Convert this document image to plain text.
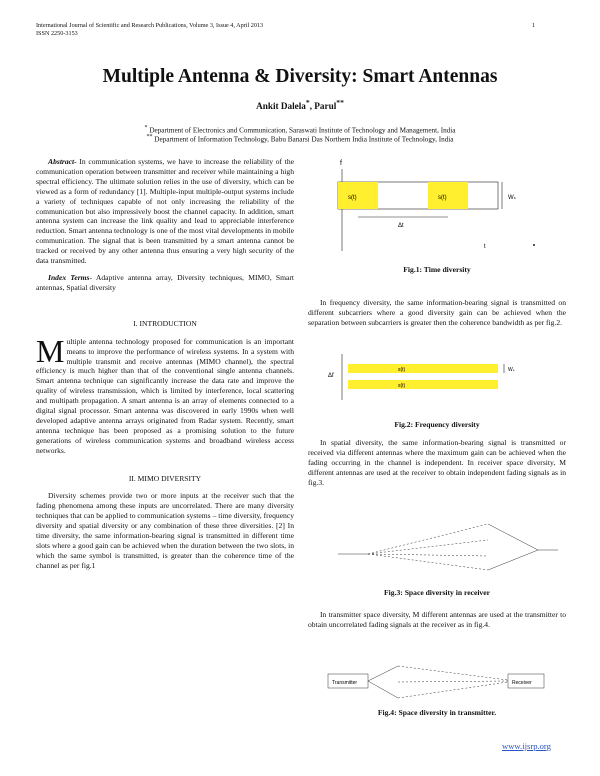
International Journal of Scientific and Research Publications, Volume 3, Issue 4, April 2013
ISSN 2250-3153
1
Multiple Antenna & Diversity: Smart Antennas
Ankit Dalela*, Parul**
* Department of Electronics and Communication, Saraswati Institute of Technology and Management, India
** Department of Information Technology, Babu Banarsi Das Northern India Institute of Technology, India

Abstract- In communication systems, we have to increase the reliability of the communication operation between transmitter and receiver while maintaining a high spectral efficiency. The ultimate solution relies in the use of diversity, which can be viewed as a form of redundancy [1]. Multiple-input multiple-output systems include a variety of techniques capable of not only increasing the reliability of the communication but also impressively boost the channel capacity. In addition, smart antenna system can increase the link quality and lead to appreciable interference reduction. Smart antenna technology is one of the most vital developments in mobile communication. The signal that is been transmitted by a smart antenna cannot be tracked or received by any other antenna thus ensuring a very high security of the data transmitted.

Index Terms- Adaptive antenna array, Diversity techniques, MIMO, Smart antennas, Spatial diversity

I. INTRODUCTION

Multiple antenna technology proposed for communication is an important means to improve the performance of wireless systems. In a system with multiple transmit and receive antennas (MIMO channel), the spectral efficiency is much higher than that of the conventional single antenna channels. Smart antenna technique can significantly increase the data rate and improve the quality of wireless transmission, which is limited by interference, local scattering and multipath propagation. A smart antenna is an array of elements connected to a digital signal processor. Smart antenna was discovered in early 1990s when well developed adaptive antenna arrays originated from Radar system. Recently, smart antenna technique has been proposed as a promising solution to the future generations of wireless communication systems and broadband wireless access networks.

II. MIMO DIVERSITY

Diversity schemes provide two or more inputs at the receiver such that the fading phenomena among these inputs are uncorrelated. There are many diversity techniques that can be applied to communication systems – time diversity, frequency diversity and spatial diversity or any combination of these three diversities. [2] In time diversity, the same information-bearing signal is transmitted in different time slots where a good gain can be achieved when the duration between the two slots, in which the same symbol is transmitted, is greater than the coherence time of the channel as per fig.1

f
s(t)	s(t)	Wₛ
Δt
t
Fig.1: Time diversity

In frequency diversity, the same information-bearing signal is transmitted on different subcarriers where a good diversity gain can be achieved when the separation between subcarriers is greater then the coherence bandwidth as per fig.2.

Δf
s(t)
s(t)
Wₛ
Fig.2: Frequency diversity

In spatial diversity, the same information-bearing signal is transmitted or received via different antennas where the maximum gain can be achieved when the fading occurring in the channel is independent. In receiver space diversity, M different antennas are used at the receiver to obtain independent fading signals as in fig.3.

Fig.3: Space diversity in receiver

In transmitter space diversity, M different antennas are used at the transmitter to obtain uncorrelated fading signals at the receiver as in fig.4.

Transmitter	Receiver
Fig.4: Space diversity in transmitter.
www.ijsrp.org
